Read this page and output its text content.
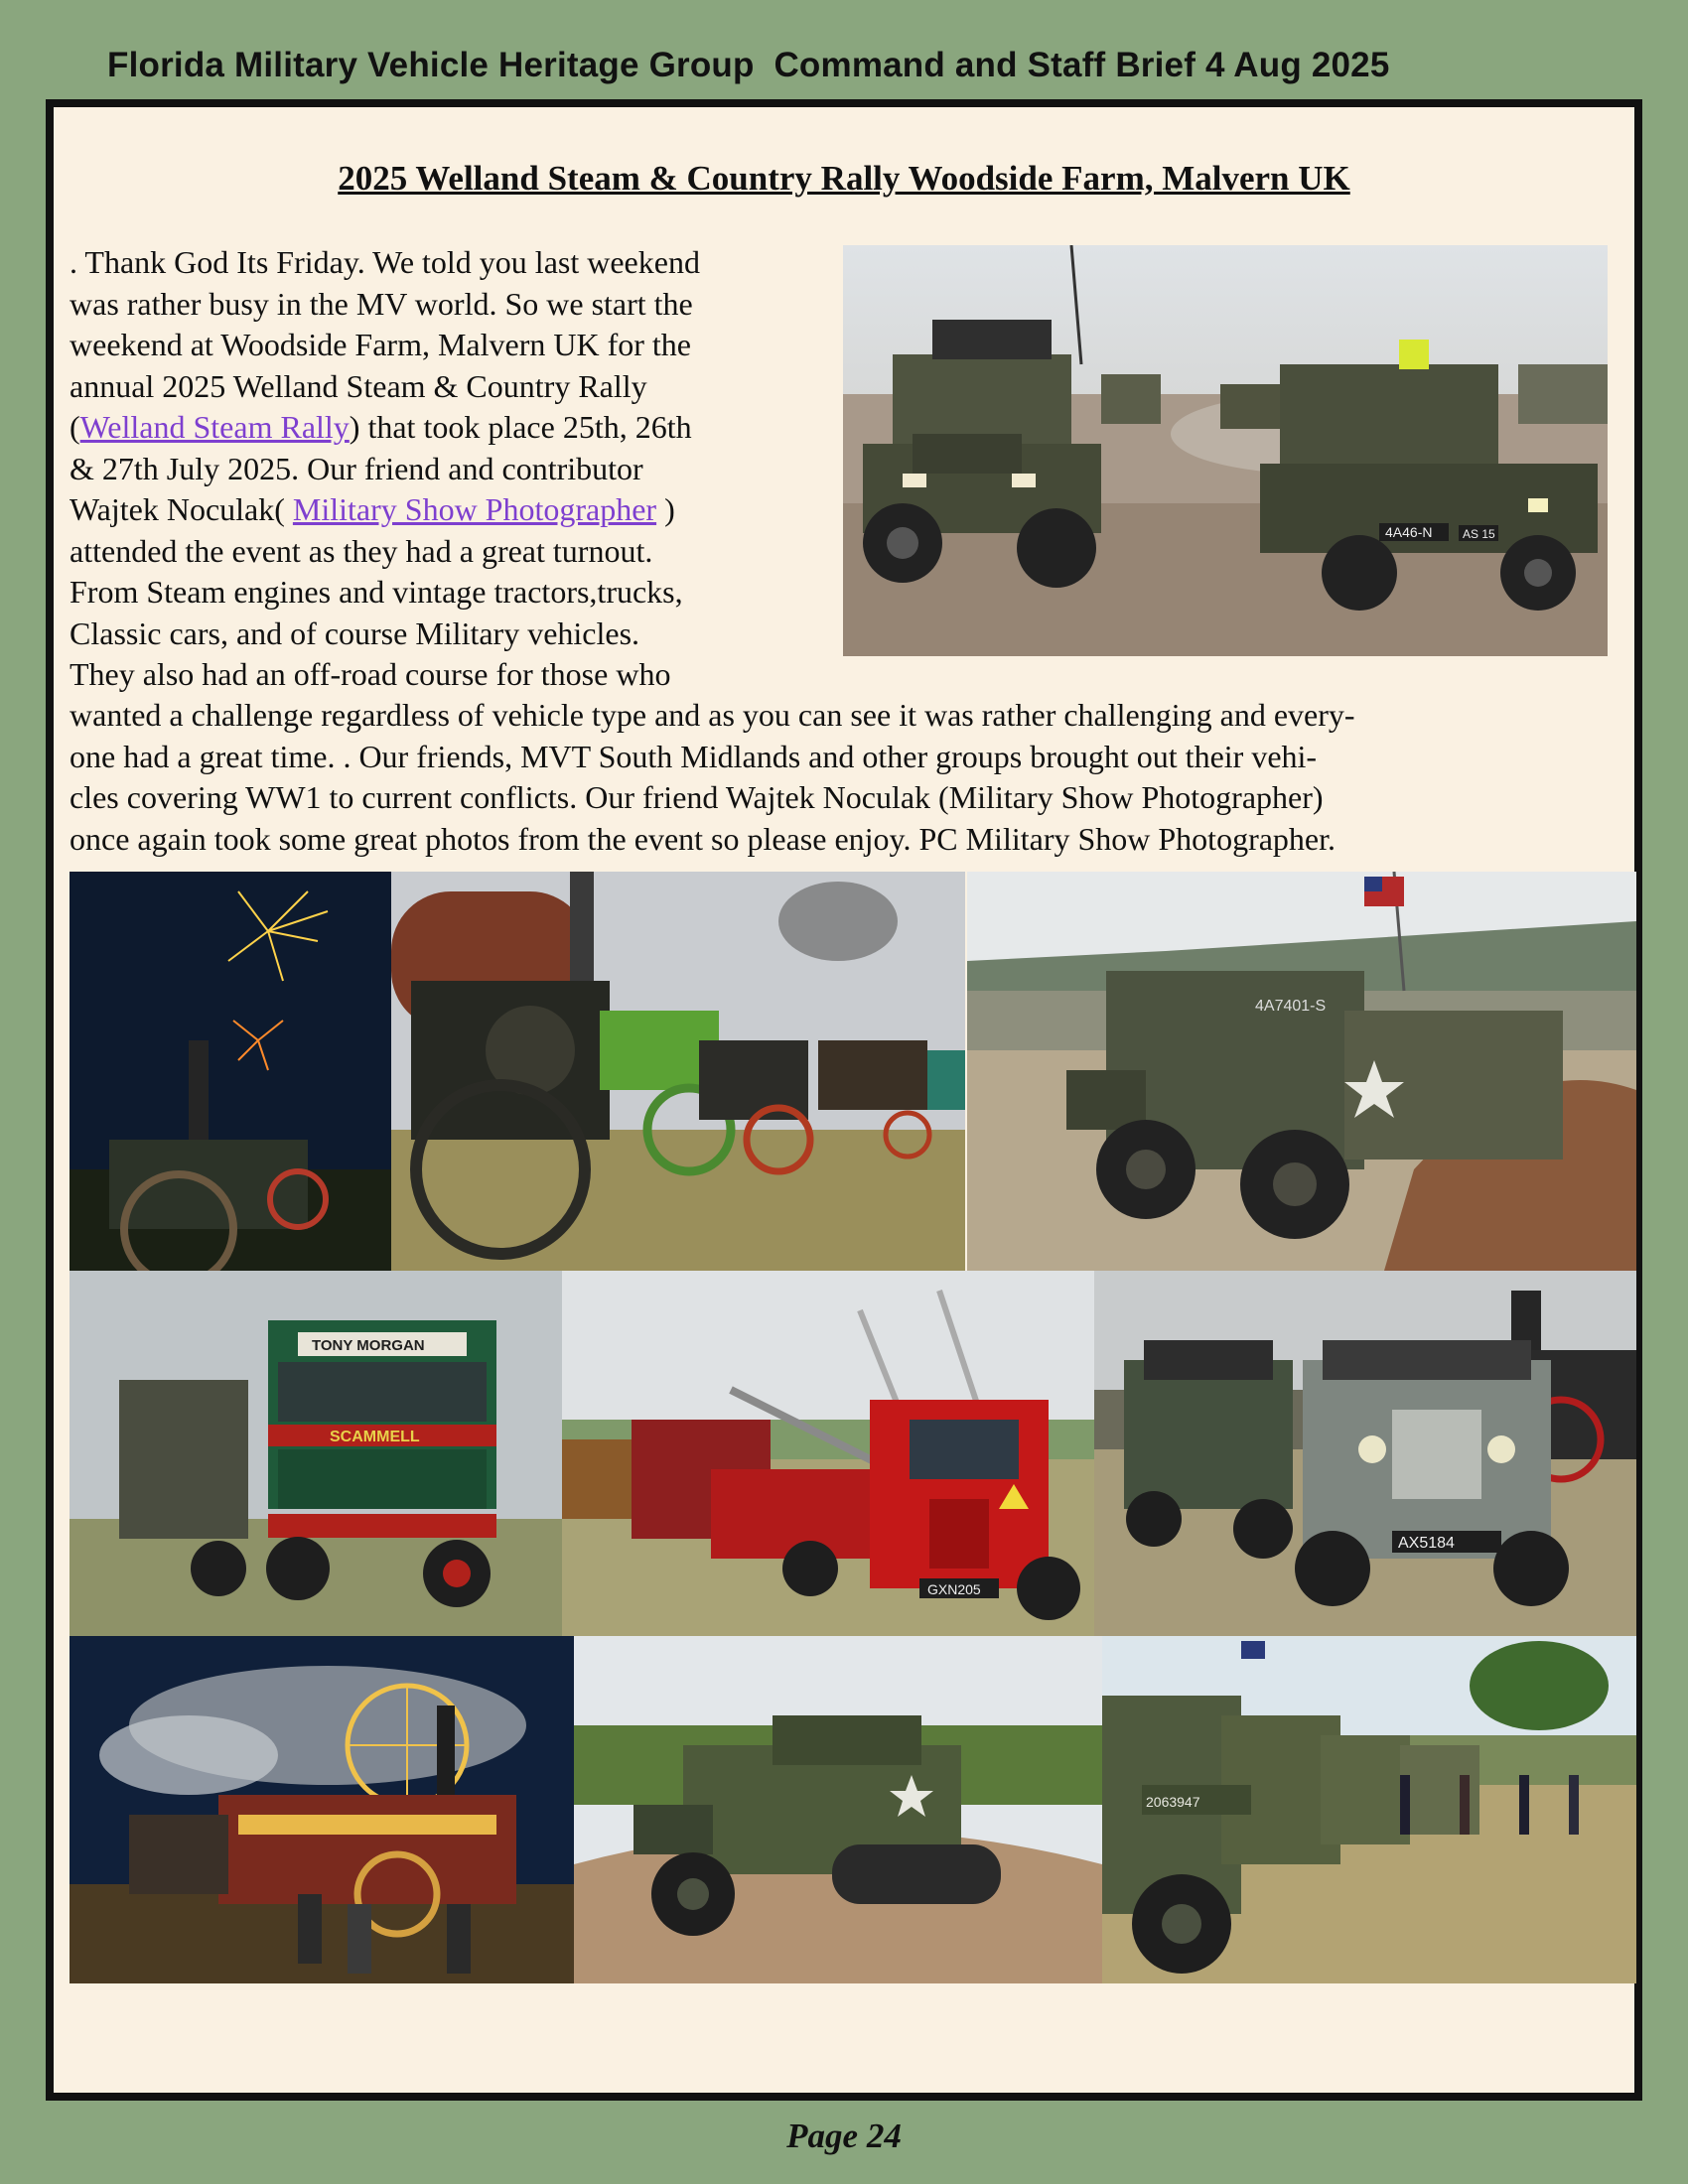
Florida Military Vehicle Heritage Group Command and Staff Brief 4 Aug 2025
2025 Welland Steam & Country Rally Woodside Farm, Malvern UK
. Thank God Its Friday. We told you last weekend
was rather busy in the MV world. So we start the
weekend at Woodside Farm, Malvern UK for the
annual 2025 Welland Steam & Country Rally
(Welland Steam Rally) that took place 25th, 26th
& 27th July 2025. Our friend and contributor
Wajtek Noculak( Military Show Photographer )
attended the event as they had a great turnout.
From Steam engines and vintage tractors,trucks,
Classic cars, and of course Military vehicles.
They also had an off-road course for those who
wanted a challenge regardless of vehicle type and as you can see it was rather challenging and every-
one had a great time. . Our friends, MVT South Midlands and other groups brought out their vehi-
cles covering WW1 to current conflicts. Our friend Wajtek Noculak (Military Show Photographer)
once again took some great photos from the event so please enjoy. PC Military Show Photographer.
4A46-N	AS 15
4A7401-S
TONY MORGAN
SCAMMELL
GXN205
AX5184
2063947
Page 24
